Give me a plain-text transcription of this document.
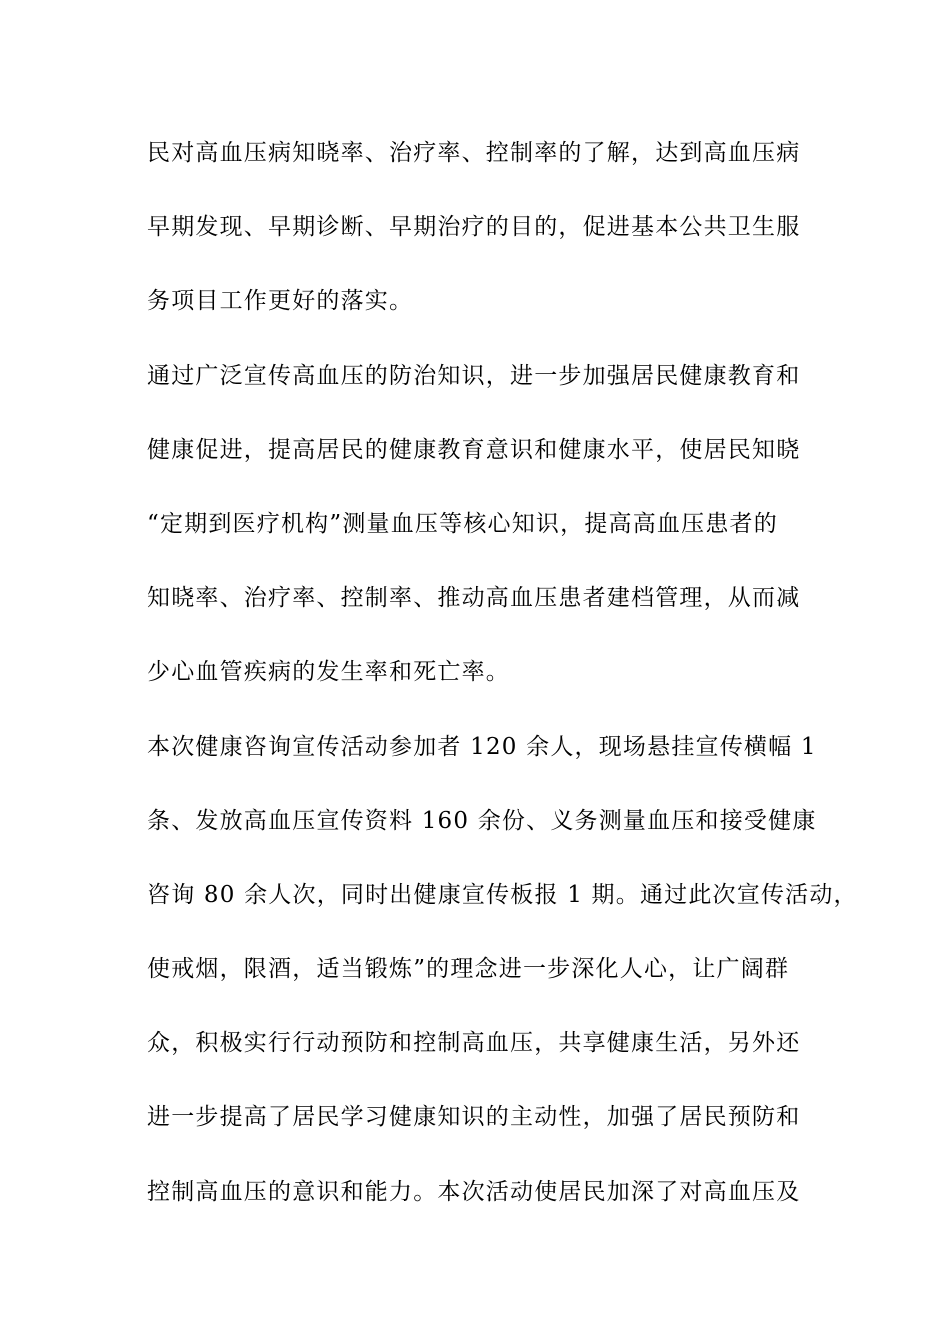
民对高血压病知晓率、治疗率、控制率的了解，达到高血压病
早期发现、早期诊断、早期治疗的目的，促进基本公共卫生服
务项目工作更好的落实。
通过广泛宣传高血压的防治知识，进一步加强居民健康教育和
健康促进，提高居民的健康教育意识和健康水平，使居民知晓
“定期到医疗机构”测量血压等核心知识，提高高血压患者的
知晓率、治疗率、控制率、推动高血压患者建档管理，从而减
少心血管疾病的发生率和死亡率。
本次健康咨询宣传活动参加者 120 余人，现场悬挂宣传横幅 1
条、发放高血压宣传资料 160 余份、义务测量血压和接受健康
咨询 80 余人次，同时出健康宣传板报 1 期。通过此次宣传活动，
使戒烟，限酒，适当锻炼”的理念进一步深化人心，让广阔群
众，积极实行行动预防和控制高血压，共享健康生活，另外还
进一步提高了居民学习健康知识的主动性，加强了居民预防和
控制高血压的意识和能力。本次活动使居民加深了对高血压及
